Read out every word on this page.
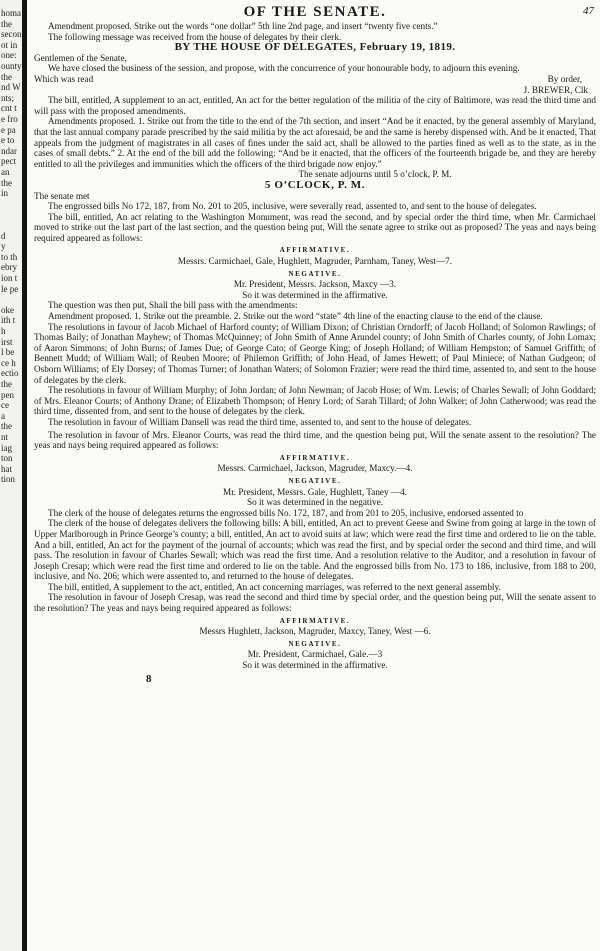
homa
the
secon
ot in
one:
ounty
the
nd W
nts;
cnt t
e fro
e pa
e to
ndar
pect
an
the
in
d
y
to th
ebry
ion t
le pe
oke
ith t
h
irst
l be
ce h
ectio
the
pen
ce
a
the
nt
iag
ton
hat
tion
OF THE SENATE.	47

Amendment proposed. Strike out the words “one dollar” 5th line 2nd page, and insert “twenty five cents.”

The following message was received from the house of delegates by their clerk.

BY THE HOUSE OF DELEGATES, February 19, 1819.

Gentlemen of the Senate,

We have closed the business of the session, and propose, with the concurrence of your honourable body, to adjourn this evening.

Which was read	By order,
J. BREWER, Clk

The bill, entitled, A supplement to an act, entitled, An act for the better regulation of the militia of the city of Baltimore, was read the third time and will pass with the proposed amendments.

Amendments proposed. 1. Strike out from the title to the end of the 7th section, and insert “And be it enacted, by the general assembly of Maryland, that the last annual company parade prescribed by the said militia by the act aforesaid, be and the same is hereby dispensed with. And be it enacted, That appeals from the judgment of magistrates in all cases of fines under the said act, shall be allowed to the parties fined as well as to the state, as in the cases of small debts.” 2. At the end of the bill add the following: “And be it enacted, that the officers of the fourteenth brigade be, and they are hereby entitled to all the privileges and immunities which the officers of the third brigade now enjoy.”

The senate adjourns until 5 o’clock, P. M.
5 O’CLOCK, P. M.

The senate met

The engrossed bills No 172, 187, from No. 201 to 205, inclusive, were severally read, assented to, and sent to the house of delegates.

The bill, entitled, An act relating to the Washington Monument, was read the second, and by special order the third time, when Mr. Carmichael moved to strike out the last part of the last section, and the question being put, Will the senate agree to strike out as proposed? The yeas and nays being required appeared as follows:

AFFIRMATIVE.
Messrs. Carmichael, Gale, Hughlett, Magruder, Parnham, Taney, West—7.
NEGATIVE.
Mr. President, Messrs. Jackson, Maxcy —3.
So it was determined in the affirmative.

The question was then put, Shall the bill pass with the amendments:

Amendment proposed. 1. Strike out the preamble. 2. Strike out the word “state” 4th line of the enacting clause to the end of the clause.

The resolutions in favour of Jacob Michael of Harford county; of William Dixon; of Christian Orndorff; of Jacob Holland; of Solomon Rawlings; of Thomas Baily; of Jonathan Mayhew; of Thomas McQuinney; of John Smith of Anne Arundel county; of John Smith of Charles county, of John Lomax; of Aaron Simmons; of John Burns; of James Due; of George Cato; of George King; of Joseph Holland; of William Hempston; of Samuel Griffith; of Bennett Mudd; of William Wall; of Reuben Moore; of Philemon Griffith; of John Head, of James Hewett; of Paul Miniece; of Nathan Gudgeon; of Osborn Williams; of Ely Dorsey; of Thomas Turner; of Jonathan Waters; of Solomon Frazier; were read the third time, assented to, and sent to the house of delegates by the clerk.

The resolutions in favour of William Murphy; of John Jordan; of John Newman; of Jacob Hose; of Wm. Lewis; of Charles Sewall; of John Goddard; of Mrs. Eleanor Courts; of Anthony Drane; of Elizabeth Thompson; of Henry Lord; of Sarah Tillard; of John Walker; of John Catherwood; was read the third time, dissented from, and sent to the house of delegates by the clerk.

The resolution in favour of William Dansell was read the third time, assented to, and sent to the house of delegates.

The resolution in favour of Mrs. Eleanor Courts, was read the third time, and the question being put, Will the senate assent to the resolution? The yeas and nays being required appeared as follows:

AFFIRMATIVE.
Messrs. Carmichael, Jackson, Magruder, Maxcy.—4.
NEGATIVE.
Mr. President, Messrs. Gale, Hughlett, Taney —4.
So it was determined in the negative.

The clerk of the house of delegates returns the engrossed bills No. 172, 187, and from 201 to 205, inclusive, endorsed assented to

The clerk of the house of delegates delivers the following bills: A bill, entitled, An act to prevent Geese and Swine from going at large in the town of Upper Marlborough in Prince George’s county; a bill, entitled, An act to avoid suits at law; which were read the first time and ordered to lie on the table. And a bill, entitled, An act for the payment of the journal of accounts; which was read the first, and by special order the second and third time, and will pass. The resolution in favour of Charles Sewall; which was read the first time. And a resolution relative to the Auditor, and a resolution in favour of Joseph Cresap; which were read the first time and ordered to lie on the table. And the engrossed bills from No. 173 to 186, inclusive, from 188 to 200, inclusive, and No. 206; which were assented to, and returned to the house of delegates.

The bill, entitled, A supplement to the act, entitled, An act concerning marriages, was referred to the next general assembly.

The resolution in favour of Joseph Cresap, was read the second and third time by special order, and the question being put, Will the senate assent to the resolution? The yeas and nays being required appeared as follows:

AFFIRMATIVE.
Messrs Hughlett, Jackson, Magruder, Maxcy, Taney, West —6.
NEGATIVE.
Mr. President, Carmichael, Gale.—3
So it was determined in the affirmative.
8
